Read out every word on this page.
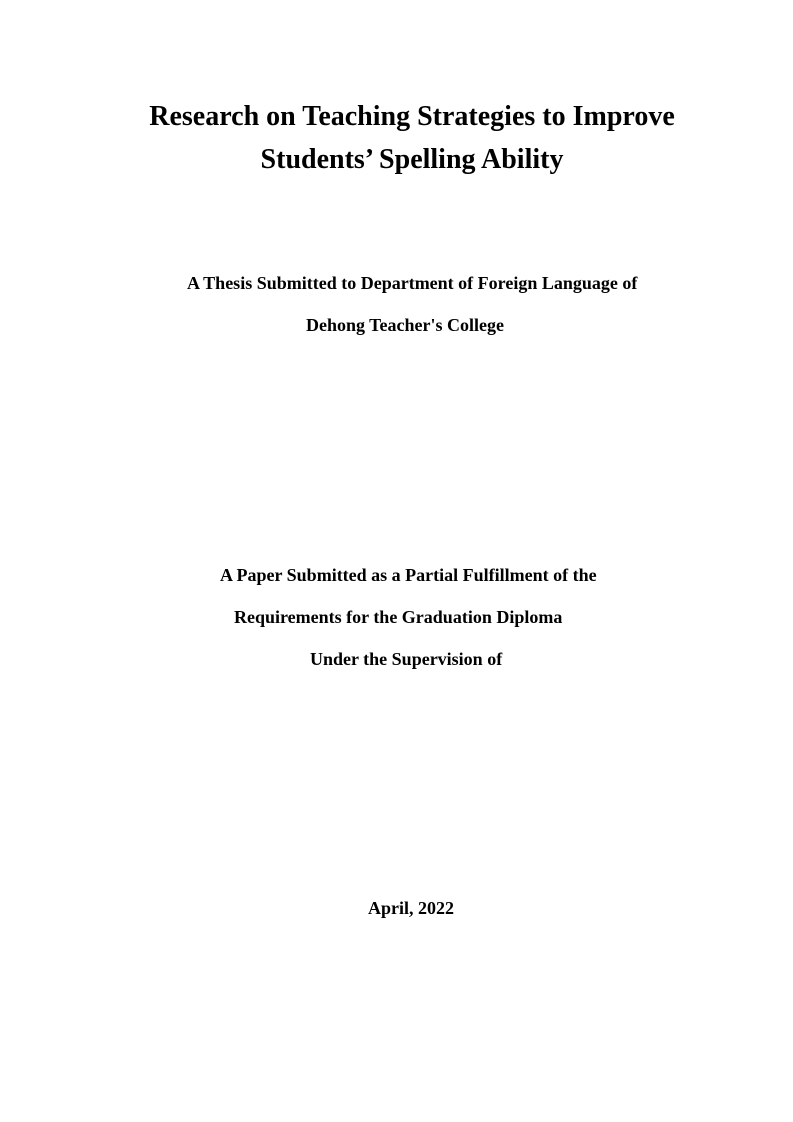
Research on Teaching Strategies to Improve
Students’ Spelling Ability

A Thesis Submitted to Department of Foreign Language of

Dehong Teacher's College

A Paper Submitted as a Partial Fulfillment of the

Requirements for the Graduation Diploma

Under the Supervision of

April, 2022
